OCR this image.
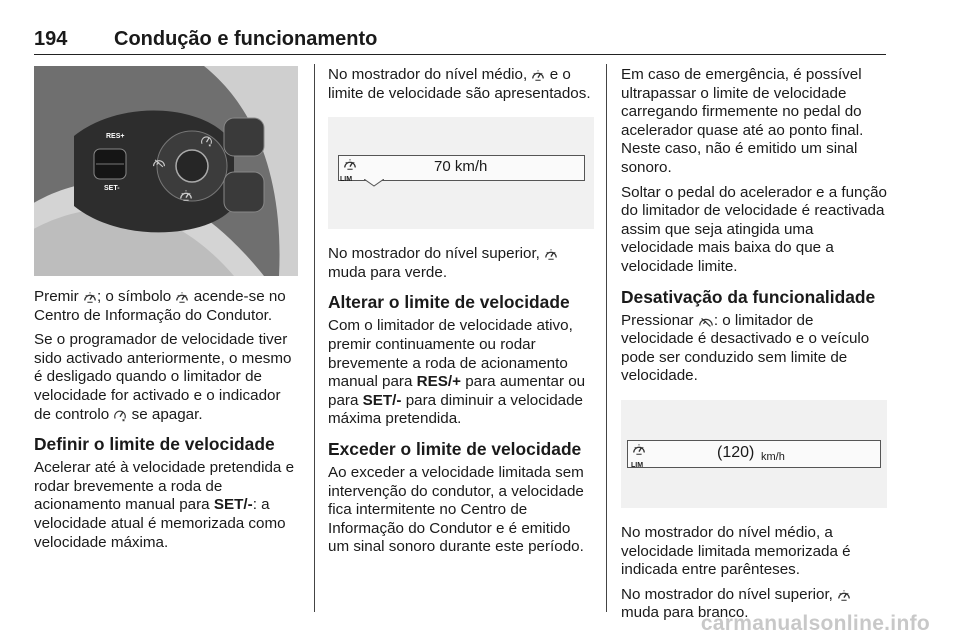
194 Condução e funcionamento
RES+
SET-

Premir ; o símbolo acende-se no Centro de Informação do Condutor.

Se o programador de velocidade tiver sido activado anteriormente, o mesmo é desligado quando o limitador de velocidade for activado e o indicador de controlo se apagar.

Definir o limite de velocidade

Acelerar até à velocidade pretendida e rodar brevemente a roda de acionamento manual para SET/-: a velocidade atual é memorizada como velocidade máxima.

No mostrador do nível médio, e o limite de velocidade são apresentados.

LIM
70 km/h

No mostrador do nível superior,  muda para verde.

Alterar o limite de velocidade

Com o limitador de velocidade ativo, premir continuamente ou rodar brevemente a roda de acionamento manual para RES/+ para aumentar ou para SET/- para diminuir a velocidade máxima pretendida.

Exceder o limite de velocidade

Ao exceder a velocidade limitada sem intervenção do condutor, a velocidade fica intermitente no Centro de Informação do Condutor e é emitido um sinal sonoro durante este período.

Em caso de emergência, é possível ultrapassar o limite de velocidade carregando firmemente no pedal do acelerador quase até ao ponto final. Neste caso, não é emitido um sinal sonoro.

Soltar o pedal do acelerador e a função do limitador de velocidade é reactivada assim que seja atingida uma velocidade mais baixa do que a velocidade limite.

Desativação da funcionalidade

Pressionar : o limitador de velocidade é desactivado e o veículo pode ser conduzido sem limite de velocidade.

LIM
(120) km/h

No mostrador do nível médio, a velocidade limitada memorizada é indicada entre parênteses.

No mostrador do nível superior,  muda para branco.

carmanualsonline.info
